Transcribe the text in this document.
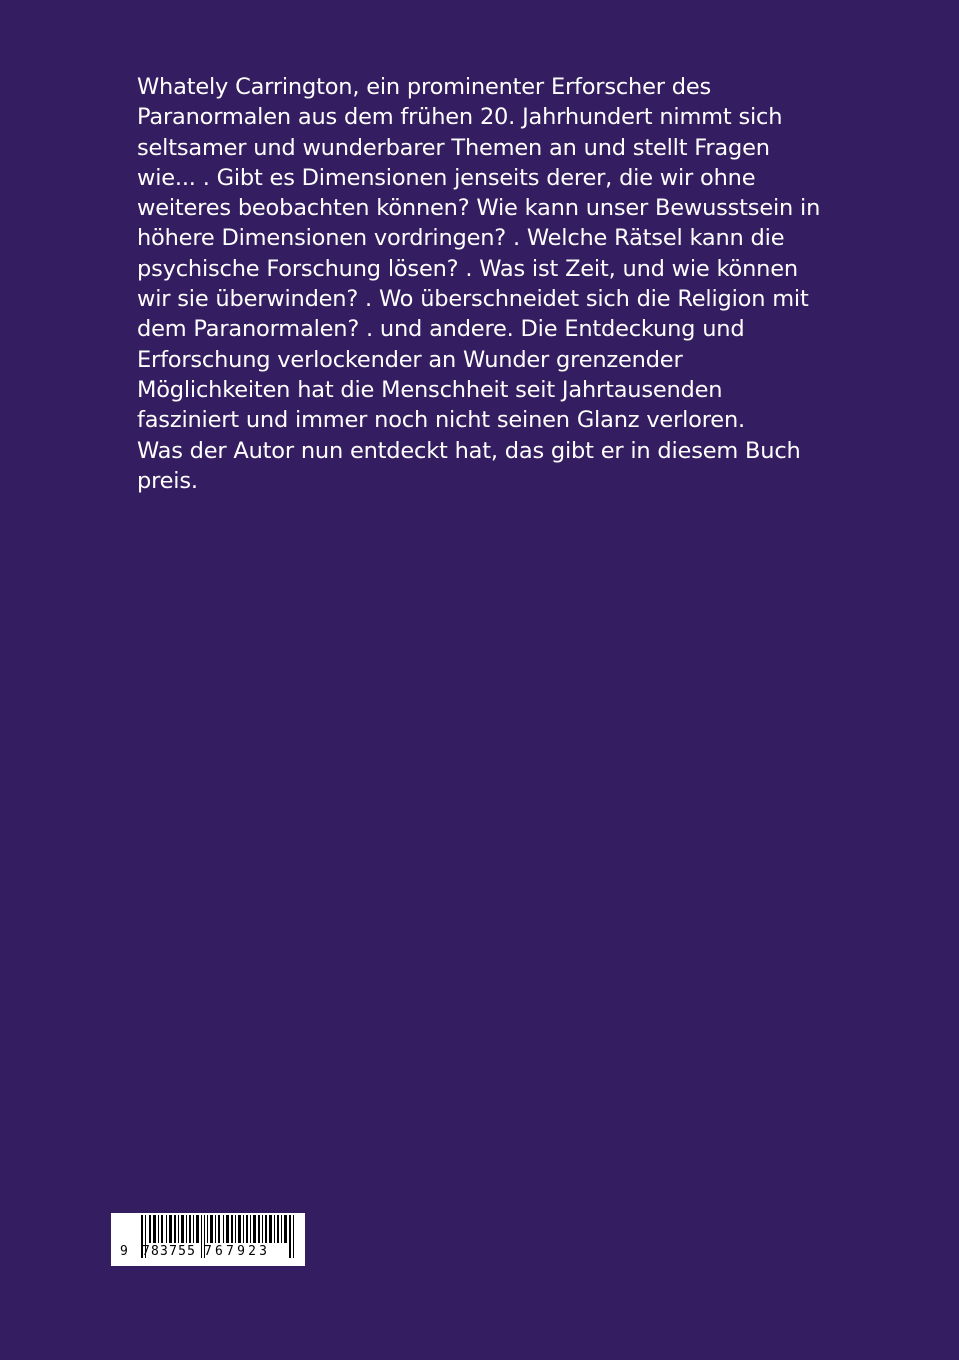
Whately Carrington, ein prominenter Erforscher des
Paranormalen aus dem frühen 20. Jahrhundert nimmt sich
seltsamer und wunderbarer Themen an und stellt Fragen
wie... . Gibt es Dimensionen jenseits derer, die wir ohne
weiteres beobachten können? Wie kann unser Bewusstsein in
höhere Dimensionen vordringen? . Welche Rätsel kann die
psychische Forschung lösen? . Was ist Zeit, und wie können
wir sie überwinden? . Wo überschneidet sich die Religion mit
dem Paranormalen? . und andere. Die Entdeckung und
Erforschung verlockender an Wunder grenzender
Möglichkeiten hat die Menschheit seit Jahrtausenden
fasziniert und immer noch nicht seinen Glanz verloren.
Was der Autor nun entdeckt hat, das gibt er in diesem Buch
preis.

9 783755 767923
